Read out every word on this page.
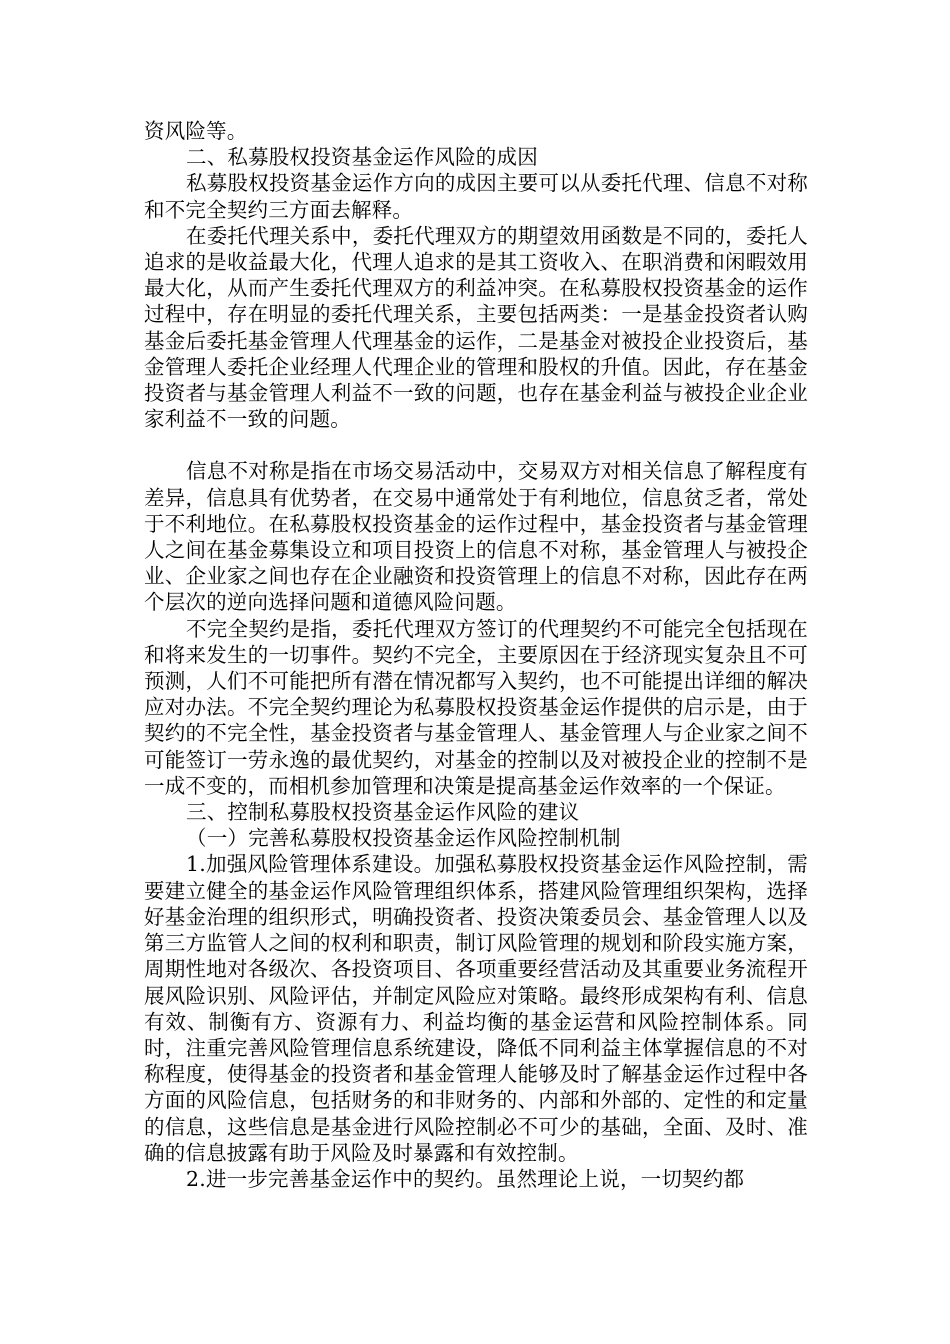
资风险等。

二、私募股权投资基金运作风险的成因

私募股权投资基金运作方向的成因主要可以从委托代理、信息不对称和不完全契约三方面去解释。

在委托代理关系中，委托代理双方的期望效用函数是不同的，委托人追求的是收益最大化，代理人追求的是其工资收入、在职消费和闲暇效用最大化，从而产生委托代理双方的利益冲突。在私募股权投资基金的运作过程中，存在明显的委托代理关系，主要包括两类：一是基金投资者认购基金后委托基金管理人代理基金的运作，二是基金对被投企业投资后，基金管理人委托企业经理人代理企业的管理和股权的升值。因此，存在基金投资者与基金管理人利益不一致的问题，也存在基金利益与被投企业企业家利益不一致的问题。

信息不对称是指在市场交易活动中，交易双方对相关信息了解程度有差异，信息具有优势者，在交易中通常处于有利地位，信息贫乏者，常处于不利地位。在私募股权投资基金的运作过程中，基金投资者与基金管理人之间在基金募集设立和项目投资上的信息不对称，基金管理人与被投企业、企业家之间也存在企业融资和投资管理上的信息不对称，因此存在两个层次的逆向选择问题和道德风险问题。

不完全契约是指，委托代理双方签订的代理契约不可能完全包括现在和将来发生的一切事件。契约不完全，主要原因在于经济现实复杂且不可预测，人们不可能把所有潜在情况都写入契约，也不可能提出详细的解决应对办法。不完全契约理论为私募股权投资基金运作提供的启示是，由于契约的不完全性，基金投资者与基金管理人、基金管理人与企业家之间不可能签订一劳永逸的最优契约，对基金的控制以及对被投企业的控制不是一成不变的，而相机参加管理和决策是提高基金运作效率的一个保证。

三、控制私募股权投资基金运作风险的建议

（一）完善私募股权投资基金运作风险控制机制

1.加强风险管理体系建设。加强私募股权投资基金运作风险控制，需要建立健全的基金运作风险管理组织体系，搭建风险管理组织架构，选择好基金治理的组织形式，明确投资者、投资决策委员会、基金管理人以及第三方监管人之间的权利和职责，制订风险管理的规划和阶段实施方案，周期性地对各级次、各投资项目、各项重要经营活动及其重要业务流程开展风险识别、风险评估，并制定风险应对策略。最终形成架构有利、信息有效、制衡有方、资源有力、利益均衡的基金运营和风险控制体系。同时，注重完善风险管理信息系统建设，降低不同利益主体掌握信息的不对称程度，使得基金的投资者和基金管理人能够及时了解基金运作过程中各方面的风险信息，包括财务的和非财务的、内部和外部的、定性的和定量的信息，这些信息是基金进行风险控制必不可少的基础，全面、及时、准确的信息披露有助于风险及时暴露和有效控制。

2.进一步完善基金运作中的契约。虽然理论上说，一切契约都
